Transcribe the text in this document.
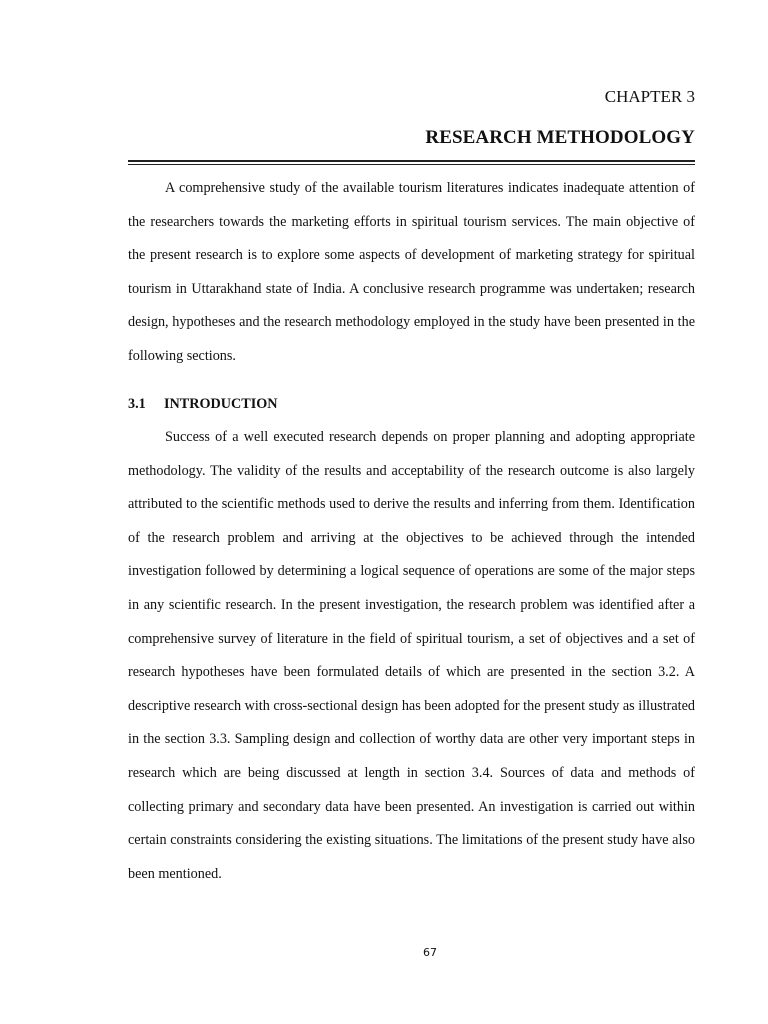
CHAPTER 3
RESEARCH METHODOLOGY

A comprehensive study of the available tourism literatures indicates inadequate attention of the researchers towards the marketing efforts in spiritual tourism services. The main objective of the present research is to explore some aspects of development of marketing strategy for spiritual tourism in Uttarakhand state of India. A conclusive research programme was undertaken; research design, hypotheses and the research methodology employed in the study have been presented in the following sections.

3.1 INTRODUCTION

Success of a well executed research depends on proper planning and adopting appropriate methodology. The validity of the results and acceptability of the research outcome is also largely attributed to the scientific methods used to derive the results and inferring from them. Identification of the research problem and arriving at the objectives to be achieved through the intended investigation followed by determining a logical sequence of operations are some of the major steps in any scientific research. In the present investigation, the research problem was identified after a comprehensive survey of literature in the field of spiritual tourism, a set of objectives and a set of research hypotheses have been formulated details of which are presented in the section 3.2. A descriptive research with cross-sectional design has been adopted for the present study as illustrated in the section 3.3. Sampling design and collection of worthy data are other very important steps in research which are being discussed at length in section 3.4. Sources of data and methods of collecting primary and secondary data have been presented. An investigation is carried out within certain constraints considering the existing situations. The limitations of the present study have also been mentioned.

67
